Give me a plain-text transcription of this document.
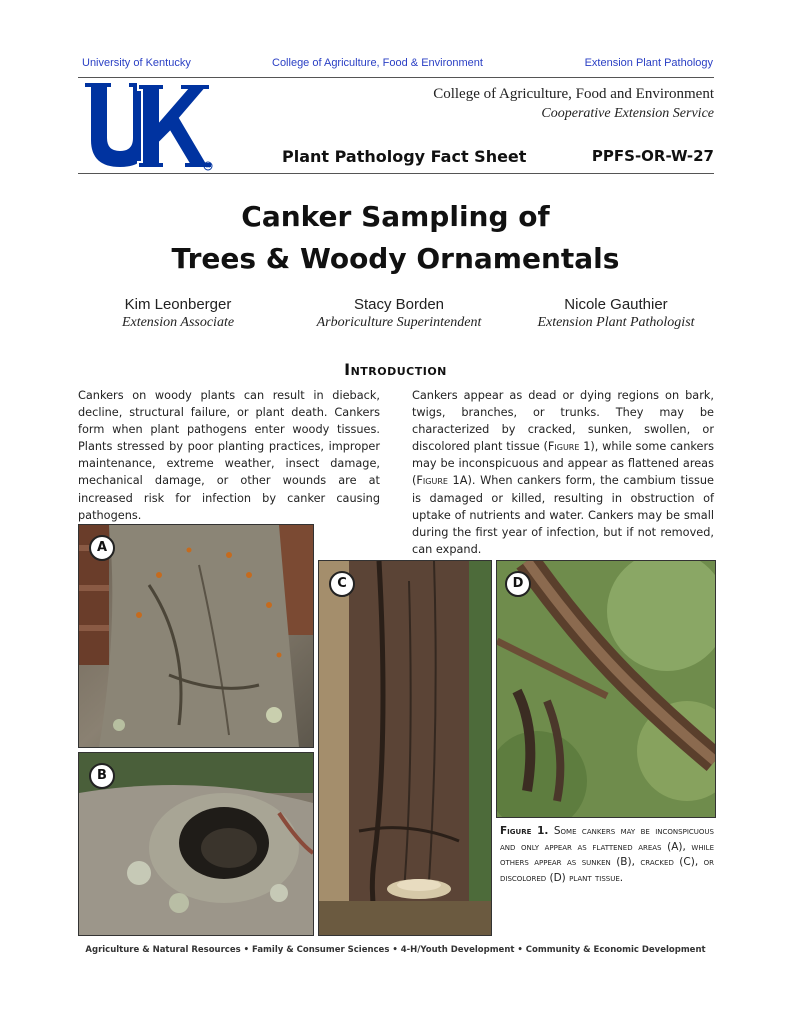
University of Kentucky	College of Agriculture, Food & Environment	Extension Plant Pathology
R
College of Agriculture, Food and Environment
Cooperative Extension Service
Plant Pathology Fact Sheet	PPFS-OR-W-27
Canker Sampling of
Trees & Woody Ornamentals
Kim Leonberger
Extension Associate
Stacy Borden
Arboriculture Superintendent
Nicole Gauthier
Extension Plant Pathologist
Introduction
Cankers on woody plants can result in dieback, decline, structural failure, or plant death. Cankers form when plant pathogens enter woody tissues. Plants stressed by poor planting practices, improper maintenance, extreme weather, insect damage, mechanical damage, or other wounds are at increased risk for infection by canker causing pathogens.
Cankers appear as dead or dying regions on bark, twigs, branches, or trunks. They may be characterized by cracked, sunken, swollen, or discolored plant tissue (Figure 1), while some cankers may be inconspicuous and appear as flattened areas (Figure 1A). When cankers form, the cambium tissue is damaged or killed, resulting in obstruction of uptake of nutrients and water. Cankers may be small during the first year of infection, but if not removed, can expand.
A
B
C	D
Figure 1. Some cankers may be inconspicuous and only appear as flattened areas (A), while others appear as sunken (B), cracked (C), or discolored (D) plant tissue.
Agriculture & Natural Resources • Family & Consumer Sciences • 4-H/Youth Development • Community & Economic Development
